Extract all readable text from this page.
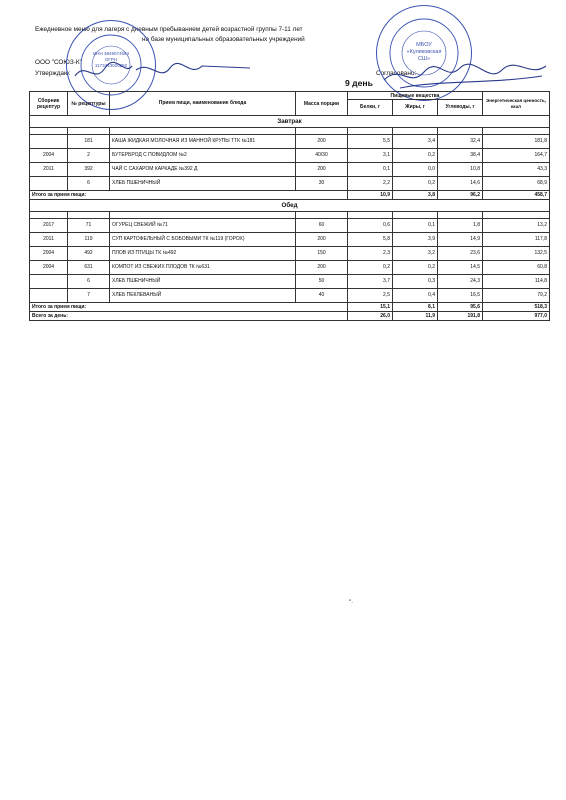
Ежедневное меню для лагеря с дневным пребыванием детей возрастной группы 7-11 лет
на базе муниципальных образовательных учреждений
ООО "СОЮЗ-К"
Утверждаю:
9 день
Согласовано:
ИНН 3849074584
ОГРН 1173443020292
МБОУ «Куликовская СШ»
Сборник рецептур	№ рецептуры	Прием пищи, наименование блюда	Масса порции	Пищевые вещества			Энергетическая ценность, ккал
				Белки, г	Жиры, г	Углеводы, г	
Завтрак							

	181	КАША ЖИДКАЯ МОЛОЧНАЯ ИЗ МАННОЙ КРУПЫ ТТК №181	200	5,5	3,4	32,4	181,8
2004	2	БУТЕРБРОД С ПОВИДЛОМ №2	40/30	3,1	0,2	38,4	164,7
2011	392	ЧАЙ С САХАРОМ КАРКАДЕ №392 Д	200	0,1	0,0	10,8	43,3
	6	ХЛЕБ ПШЕНИЧНЫЙ	30	2,2	0,2	14,6	68,9
Итого за прием пищи:				10,9	3,8	96,2	458,7
Обед							

2017	71	ОГУРЕЦ СВЕЖИЙ №71	60	0,6	0,1	1,8	13,2
2011	119	СУП КАРТОФЕЛЬНЫЙ С БОБОВЫМИ ТК №119 (ГОРОХ)	200	5,8	3,9	14,9	117,8
2004	492	ПЛОВ ИЗ ПТИЦЫ ТК №492	150	2,3	3,2	23,6	132,5
2004	631	КОМПОТ ИЗ СВЕЖИХ ПЛОДОВ ТК №631	200	0,2	0,2	14,5	60,8
	6	ХЛЕБ ПШЕНИЧНЫЙ	50	3,7	0,3	24,3	114,8
	7	ХЛЕБ ПЕКЛЕВАНЫЙ	40	2,5	0,4	16,5	79,2
Итого за прием пищи:				15,1	8,1	95,6	518,3
Всего за день:				26,0	11,9	191,8	977,0
"·
